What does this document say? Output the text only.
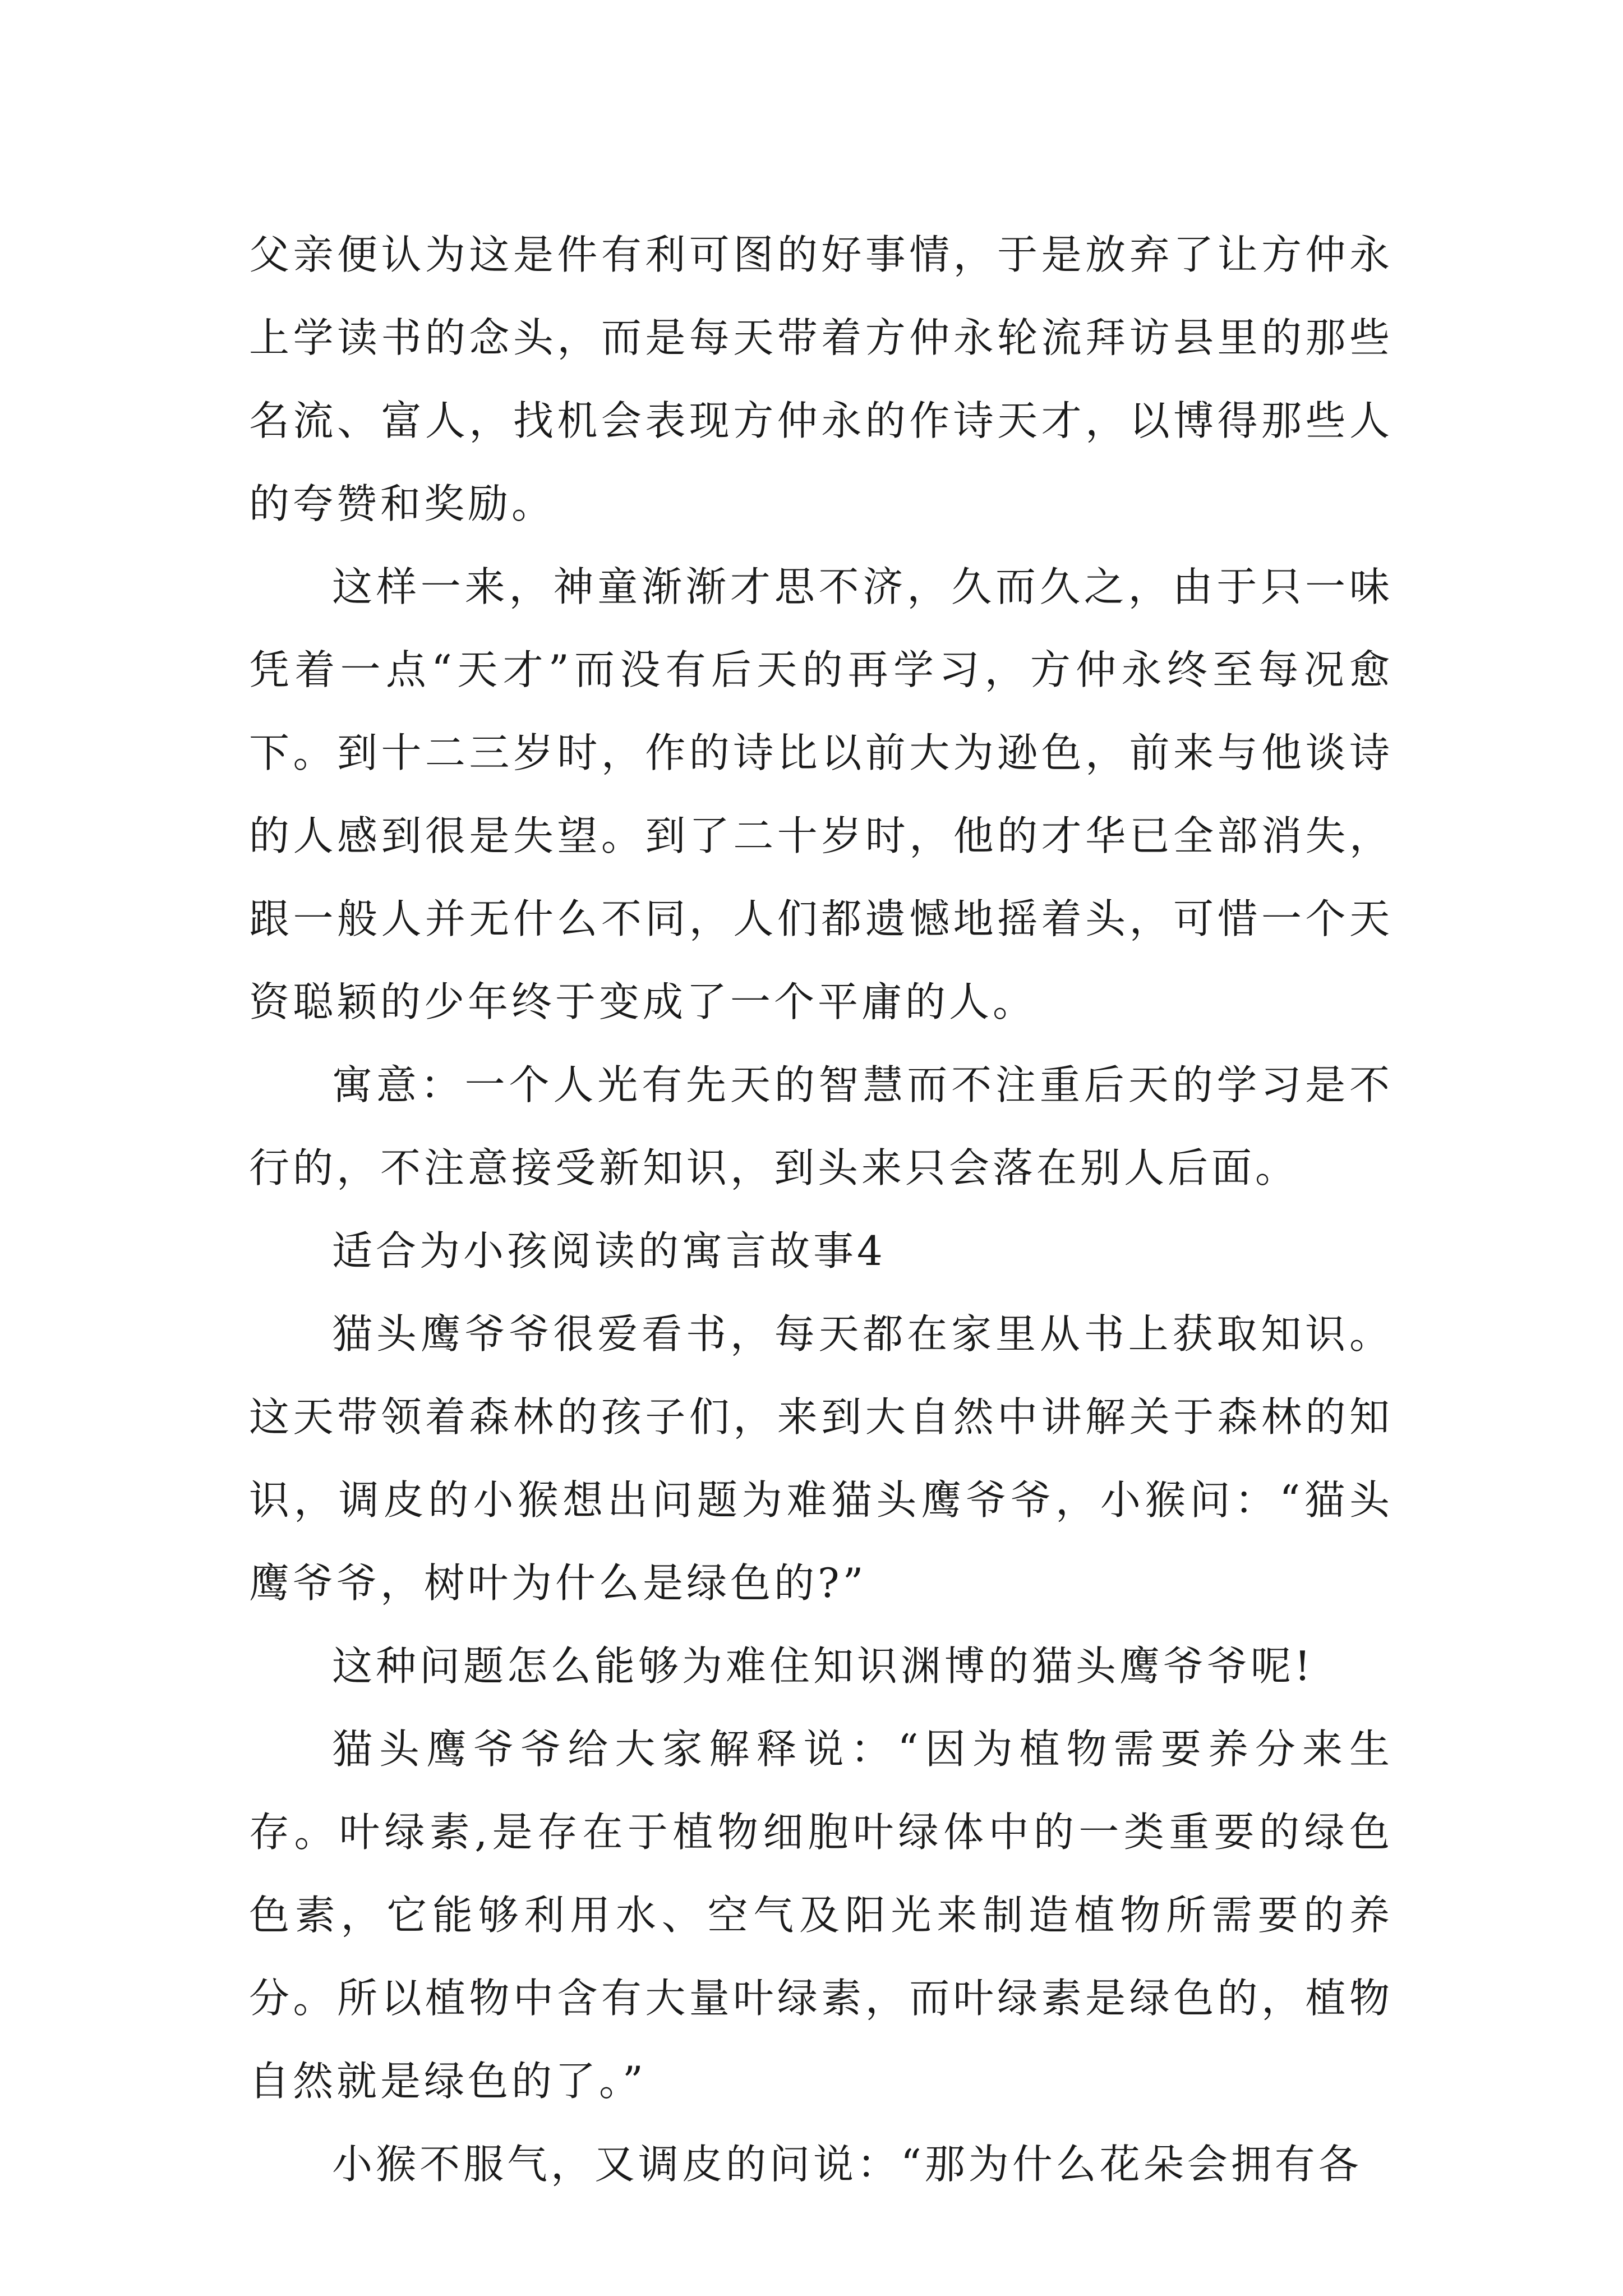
父亲便认为这是件有利可图的好事情，于是放弃了让方仲永上学读书的念头，而是每天带着方仲永轮流拜访县里的那些名流、富人，找机会表现方仲永的作诗天才，以博得那些人的夸赞和奖励。

这样一来，神童渐渐才思不济，久而久之，由于只一味凭着一点“天才”而没有后天的再学习，方仲永终至每况愈下。到十二三岁时，作的诗比以前大为逊色，前来与他谈诗的人感到很是失望。到了二十岁时，他的才华已全部消失，跟一般人并无什么不同，人们都遗憾地摇着头，可惜一个天资聪颖的少年终于变成了一个平庸的人。

寓意：一个人光有先天的智慧而不注重后天的学习是不行的，不注意接受新知识，到头来只会落在别人后面。

适合为小孩阅读的寓言故事4

猫头鹰爷爷很爱看书，每天都在家里从书上获取知识。这天带领着森林的孩子们，来到大自然中讲解关于森林的知识，调皮的小猴想出问题为难猫头鹰爷爷，小猴问：“猫头鹰爷爷，树叶为什么是绿色的?”

这种问题怎么能够为难住知识渊博的猫头鹰爷爷呢!

猫头鹰爷爷给大家解释说：“因为植物需要养分来生存。叶绿素,是存在于植物细胞叶绿体中的一类重要的绿色色素，它能够利用水、空气及阳光来制造植物所需要的养分。所以植物中含有大量叶绿素，而叶绿素是绿色的，植物自然就是绿色的了。”

小猴不服气，又调皮的问说：“那为什么花朵会拥有各
